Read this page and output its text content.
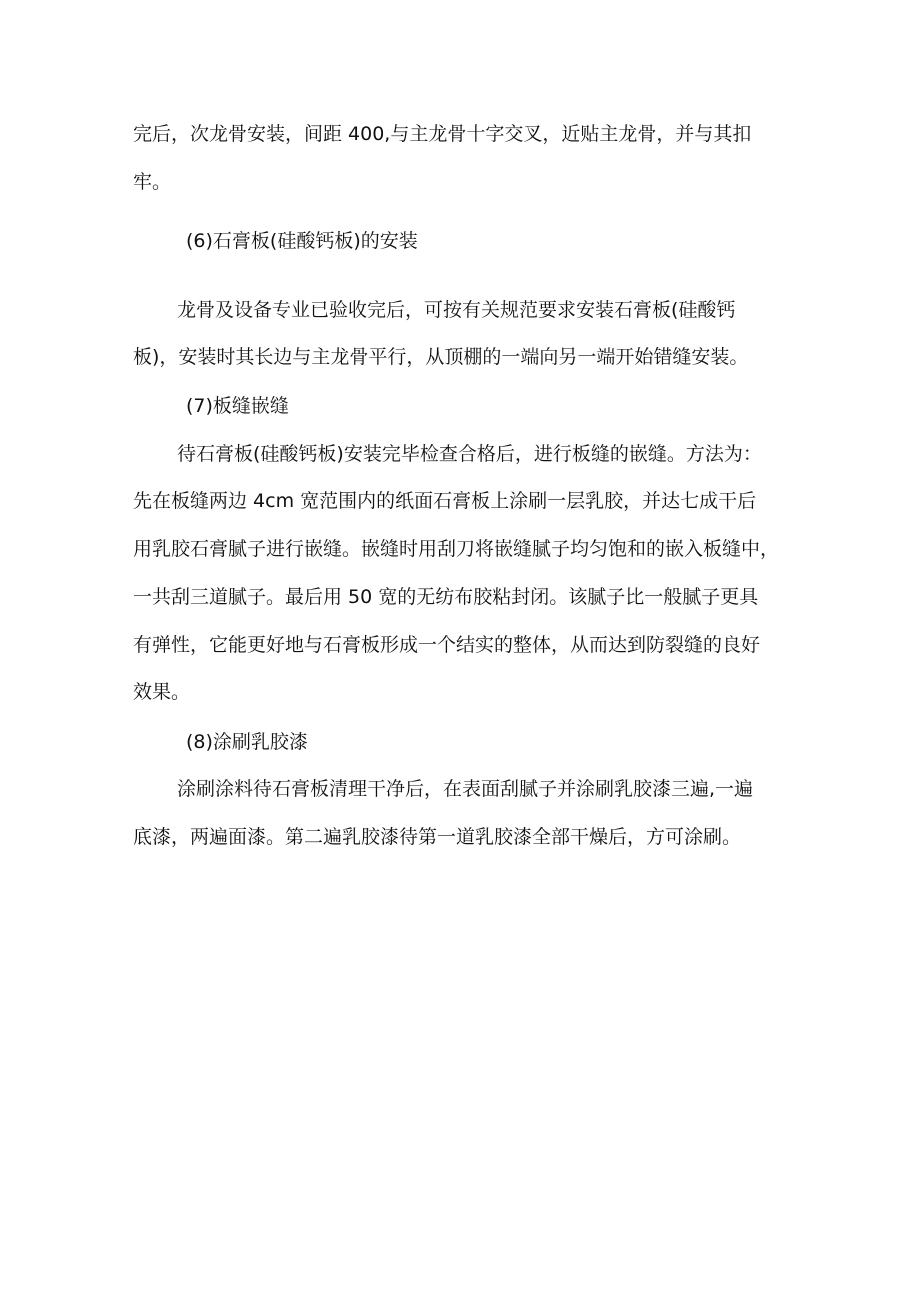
完后，次龙骨安装，间距 400,与主龙骨十字交叉，近贴主龙骨，并与其扣
牢。
(6)石膏板(硅酸钙板)的安装
龙骨及设备专业已验收完后，可按有关规范要求安装石膏板(硅酸钙
板)，安装时其长边与主龙骨平行，从顶棚的一端向另一端开始错缝安装。
(7)板缝嵌缝
待石膏板(硅酸钙板)安装完毕检查合格后，进行板缝的嵌缝。方法为：
先在板缝两边 4cm 宽范围内的纸面石膏板上涂刷一层乳胶，并达七成干后
用乳胶石膏腻子进行嵌缝。嵌缝时用刮刀将嵌缝腻子均匀饱和的嵌入板缝中，
一共刮三道腻子。最后用 50 宽的无纺布胶粘封闭。该腻子比一般腻子更具
有弹性，它能更好地与石膏板形成一个结实的整体，从而达到防裂缝的良好
效果。
(8)涂刷乳胶漆
涂刷涂料待石膏板清理干净后，在表面刮腻子并涂刷乳胶漆三遍,一遍
底漆，两遍面漆。第二遍乳胶漆待第一道乳胶漆全部干燥后，方可涂刷。
